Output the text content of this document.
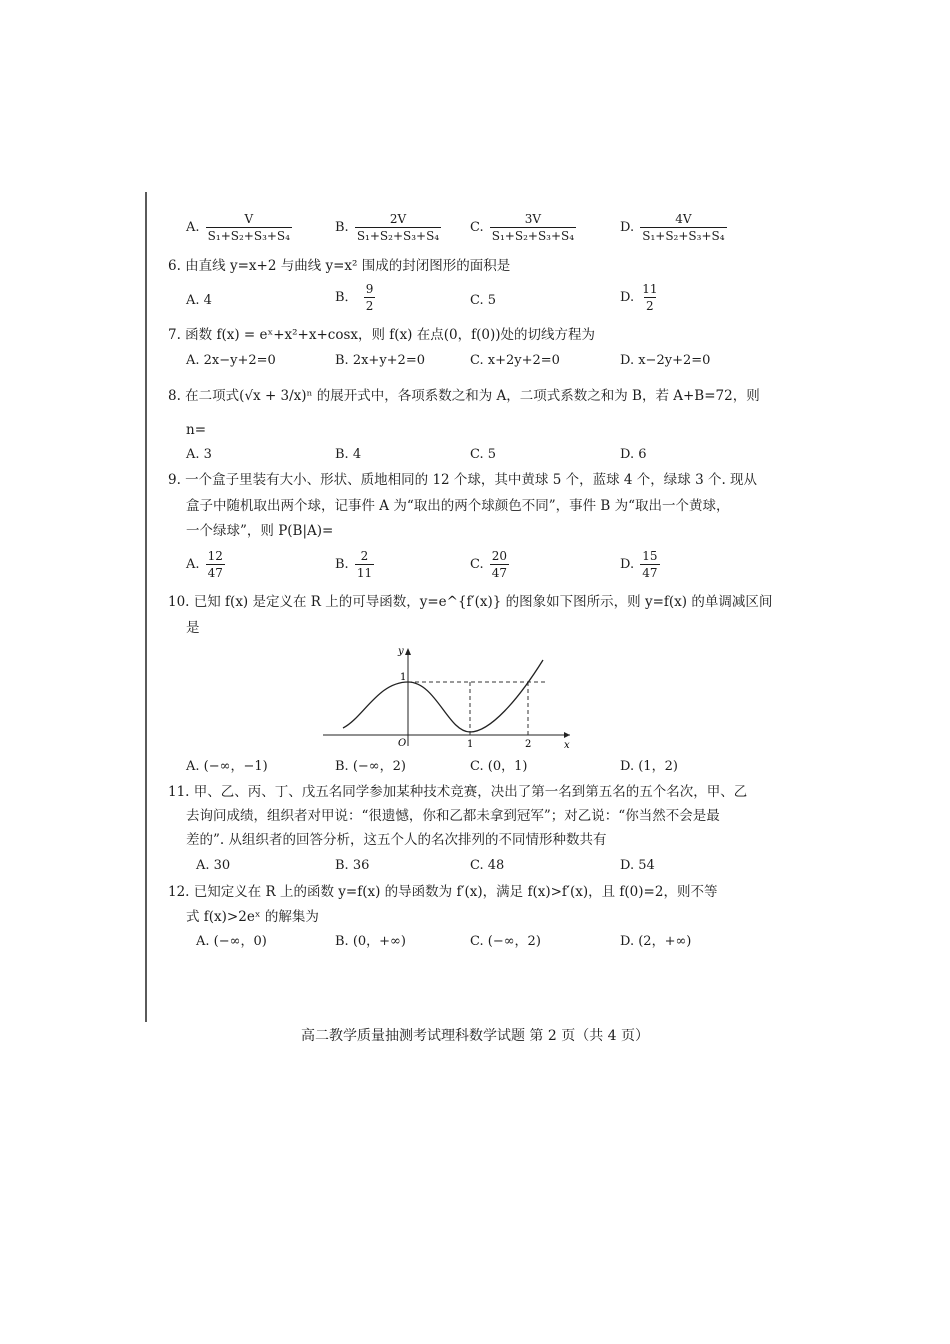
A. $\frac{V}{\text{S₁+S₂+S₃+S₄}}$	B. $\frac{2V}{\text{S₁+S₂+S₃+S₄}} C$. $\frac{3V}{\text{S₁+S₂+S₃+S₄}}$	D. $\frac{4V}{\text{S₁+S₂+S₃+S₄}}$
6. 由直线 y=x+2 与曲线 y=x² 围成的封闭图形的面积是
A. 4	B． $\frac{9}{2}$	C. 5	D. $\frac{11}{2}$
7. 函数 f(x) = eˣ+x²+x+cosx，则 f(x) 在点(0，f(0))处的切线方程为
A. 2x−y+2=0	B. 2x+y+2=0	C. x+2y+2=0	D. x−2y+2=0
8. 在二项式(√x + 3/x)ⁿ 的展开式中，各项系数之和为 A，二项式系数之和为 B，若 A+B=72，则
n=
A. 3	B. 4	C. 5	D. 6
9. 一个盒子里装有大小、形状、质地相同的 12 个球，其中黄球 5 个，蓝球 4 个，绿球 3 个. 现从
盒子中随机取出两个球，记事件 A 为“取出的两个球颜色不同”，事件 B 为“取出一个黄球，
一个绿球”，则 P(B|A)=
A. $\frac{12}{47}$	B. $\frac{2}{11}$	C. $\frac{20}{47}$	D. $\frac{15}{47}$
10. 已知 f(x) 是定义在 R 上的可导函数，y=e^{f′(x)} 的图象如下图所示，则 y=f(x) 的单调减区间
是
y
x
O
1
1	2
A. (−∞，−1)	B. (−∞，2)	C. (0，1)	D. (1，2)
11. 甲、乙、丙、丁、戊五名同学参加某种技术竞赛，决出了第一名到第五名的五个名次，甲、乙
去询问成绩，组织者对甲说：“很遗憾，你和乙都未拿到冠军”；对乙说：“你当然不会是最
差的”. 从组织者的回答分析，这五个人的名次排列的不同情形种数共有
A. 30	B. 36	C. 48	D. 54
12. 已知定义在 R 上的函数 y=f(x) 的导函数为 f′(x)，满足 f(x)>f′(x)，且 f(0)=2，则不等
式 f(x)>2eˣ 的解集为
A. (−∞，0)	B. (0，+∞)	C. (−∞，2)	D. (2，+∞)
高二教学质量抽测考试理科数学试题 第 2 页（共 4 页）
